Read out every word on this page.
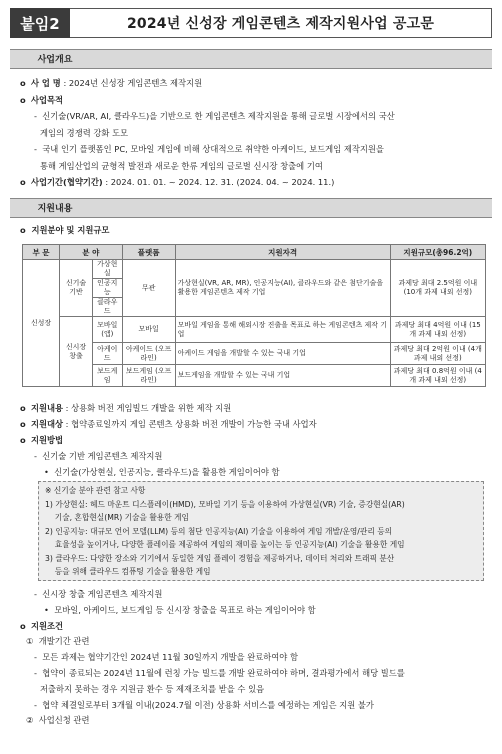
붙임2	2024년 신성장 게임콘텐츠 제작지원사업 공고문
사업개요
o 사 업 명 : 2024년 신성장 게임콘텐츠 제작지원
o 사업목적
- 신기술(VR/AR, AI, 클라우드)을 기반으로 한 게임콘텐츠 제작지원을 통해 글로벌 시장에서의 국산
게임의 경쟁력 강화 도모
- 국내 인기 플랫폼인 PC, 모바일 게임에 비해 상대적으로 취약한 아케이드, 보드게임 제작지원을
통해 게임산업의 균형적 발전과 새로운 한류 게임의 글로벌 신시장 창출에 기여
o 사업기간(협약기간) : 2024. 01. 01. ~ 2024. 12. 31. (2024. 04. ~ 2024. 11.)
지원내용
o  지원분야 및 지원규모
부 문	분 야		플랫폼	지원자격	지원규모(총96.2억)
신성장	신기술 기반	가상현실	무관	가상현실(VR, AR, MR), 인공지능(AI), 클라우드와 같은 첨단기술을 활용한 게임콘텐츠 제작 기업	과제당 최대 2.5억원 이내 (10개 과제 내외 선정)
		인공지능			
		클라우드			
	신시장 창출	모바일 (앱)	모바일	모바일 게임을 통해 해외시장 진출을 목표로 하는 게임콘텐츠 제작 기업	과제당 최대 4억원 이내 (15개 과제 내외 선정)
		아케이드	아케이드 (오프라인)	아케이드 게임을 개발할 수 있는 국내 기업	과제당 최대 2억원 이내 (4개 과제 내외 선정)
		보드게임	보드게임 (오프라인)	보드게임을 개발할 수 있는 국내 기업	과제당 최대 0.8억원 이내 (4개 과제 내외 선정)
o 지원내용 : 상용화 버전 게임빌드 개발을 위한 제작 지원
o 지원대상 : 협약종료일까지 게임 콘텐츠 상용화 버전 개발이 가능한 국내 사업자
o 지원방법
- 신기술 기반 게임콘텐츠 제작지원
• 신기술(가상현실, 인공지능, 클라우드)을 활용한 게임이어야 함
※ 신기술 분야 관련 참고 사항
1) 가상현실: 헤드 마운트 디스플레이(HMD), 모바일 기기 등을 이용하여 가상현실(VR) 기술, 증강현실(AR)
기술, 혼합현실(MR) 기술을 활용한 게임
2) 인공지능: 대규모 언어 모델(LLM) 등의 첨단 인공지능(AI) 기술을 이용하여 게임 개발/운영/관리 등의
효율성을 높이거나, 다양한 플레이를 제공하여 게임의 재미를 높이는 등 인공지능(AI) 기술을 활용한 게임
3) 클라우드: 다양한 장소와 기기에서 동일한 게임 플레이 경험을 제공하거나, 데이터 처리와 트래픽 분산
등을 위해 클라우드 컴퓨팅 기술을 활용한 게임
- 신시장 창출 게임콘텐츠 제작지원
• 모바일, 아케이드, 보드게임 등 신시장 창출을 목표로 하는 게임이어야 함
o 지원조건
① 개발기간 관련
- 모든 과제는 협약기간인 2024년 11월 30일까지 개발을 완료하여야 함
- 협약이 종료되는 2024년 11월에 런칭 가능 빌드를 개발 완료하여야 하며, 결과평가에서 해당 빌드를
저출하지 못하는 경우 지원금 환수 등 제재조치를 받을 수 있음
- 협약 체결일로부터 3개월 이내(2024.7월 이전) 상용화 서비스를 예정하는 게임은 지원 불가
② 사업신청 관련
